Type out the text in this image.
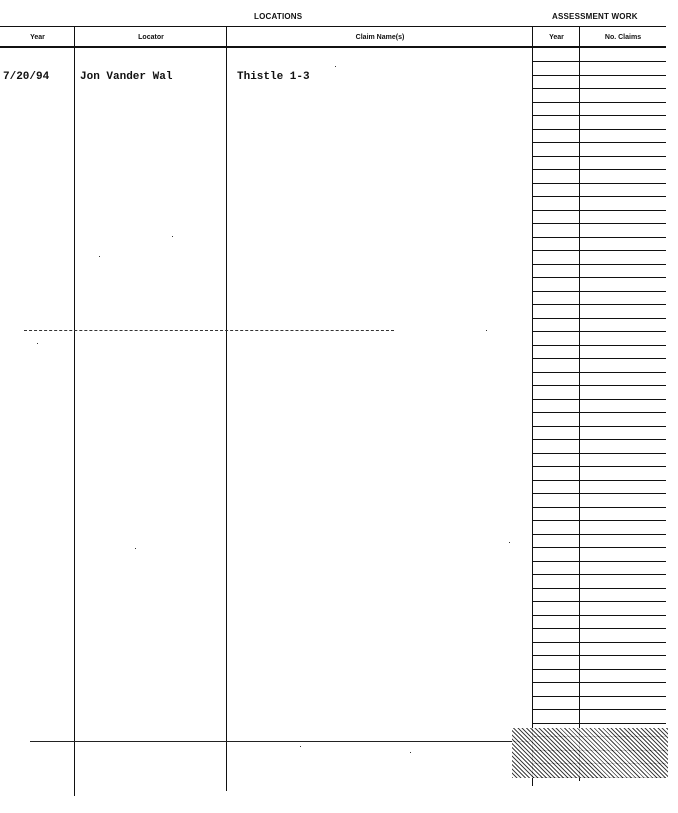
LOCATIONS	ASSESSMENT WORK
Year	Locator	Claim Name(s)	Year	No. Claims
7/20/94	Jon Vander Wal	Thistle 1-3
